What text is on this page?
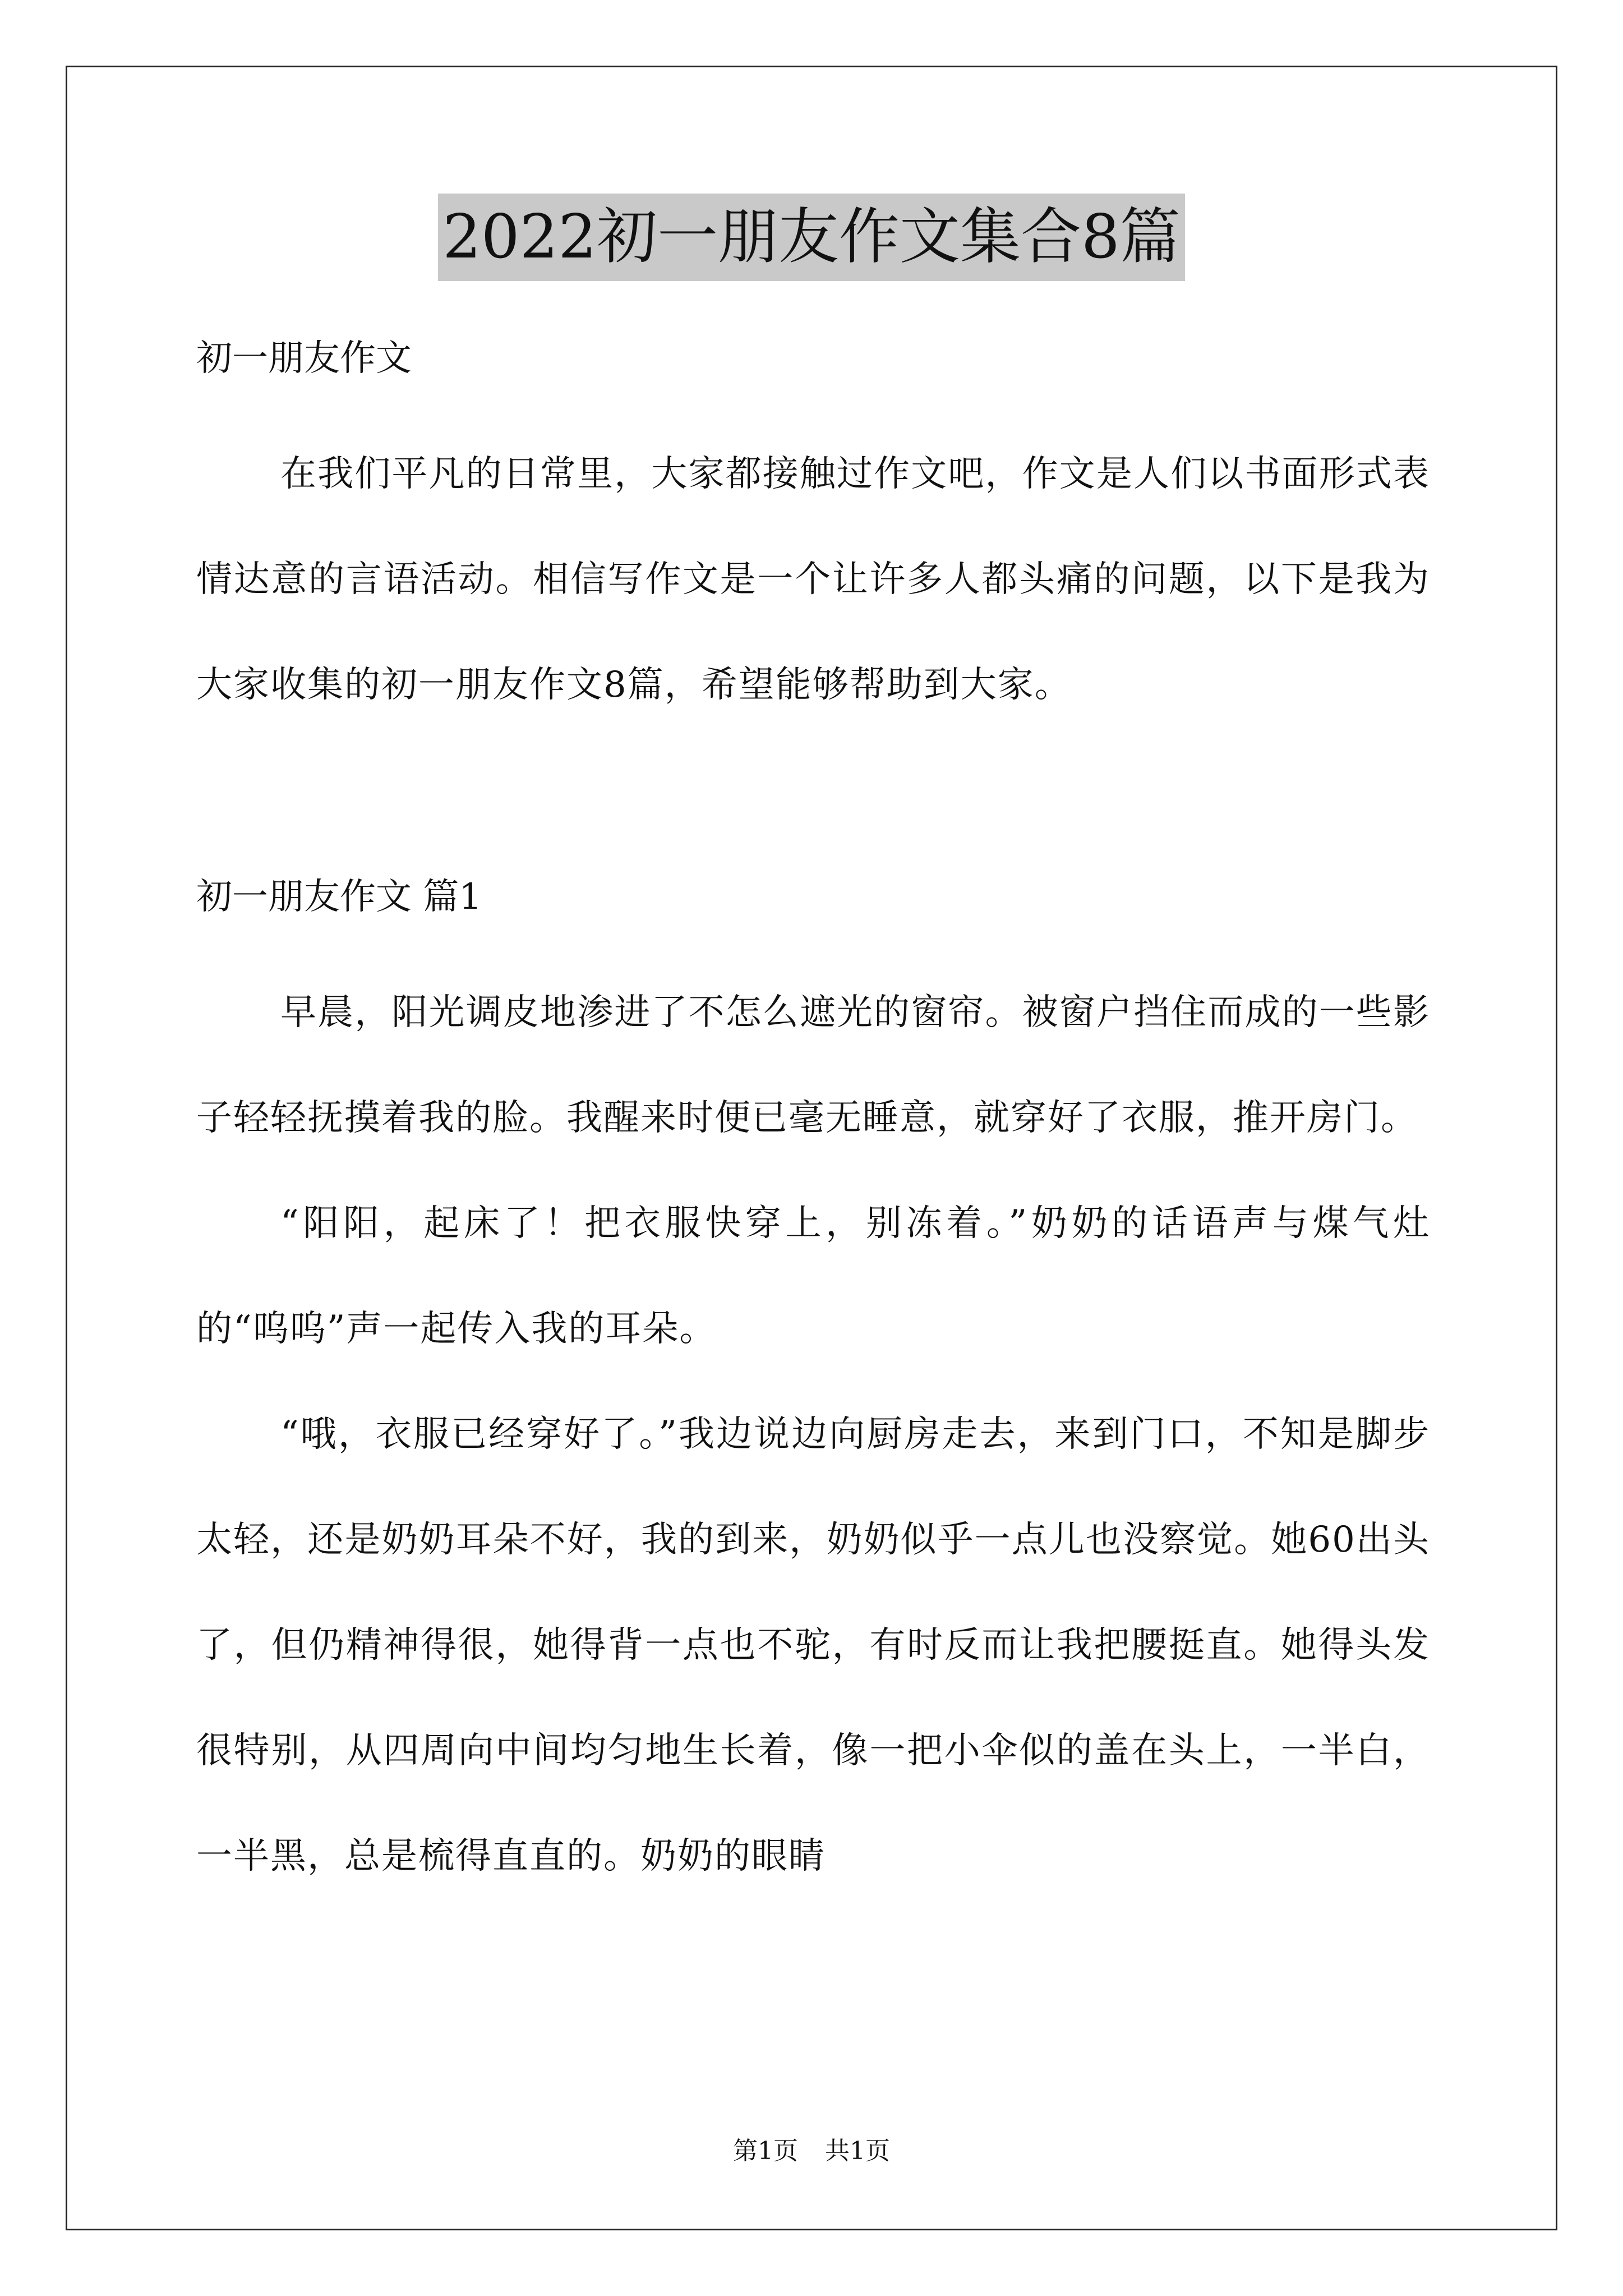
2022初一朋友作文集合8篇

初一朋友作文

在我们平凡的日常里，大家都接触过作文吧，作文是人们以书面形式表情达意的言语活动。相信写作文是一个让许多人都头痛的问题，以下是我为大家收集的初一朋友作文8篇，希望能够帮助到大家。

初一朋友作文 篇1

早晨，阳光调皮地渗进了不怎么遮光的窗帘。被窗户挡住而成的一些影子轻轻抚摸着我的脸。我醒来时便已毫无睡意，就穿好了衣服，推开房门。

“阳阳，起床了！把衣服快穿上，别冻着。”奶奶的话语声与煤气灶的“呜呜”声一起传入我的耳朵。

“哦，衣服已经穿好了。”我边说边向厨房走去，来到门口，不知是脚步太轻，还是奶奶耳朵不好，我的到来，奶奶似乎一点儿也没察觉。她60出头了，但仍精神得很，她得背一点也不驼，有时反而让我把腰挺直。她得头发很特别，从四周向中间均匀地生长着，像一把小伞似的盖在头上，一半白，一半黑，总是梳得直直的。奶奶的眼睛

第1页 共1页
